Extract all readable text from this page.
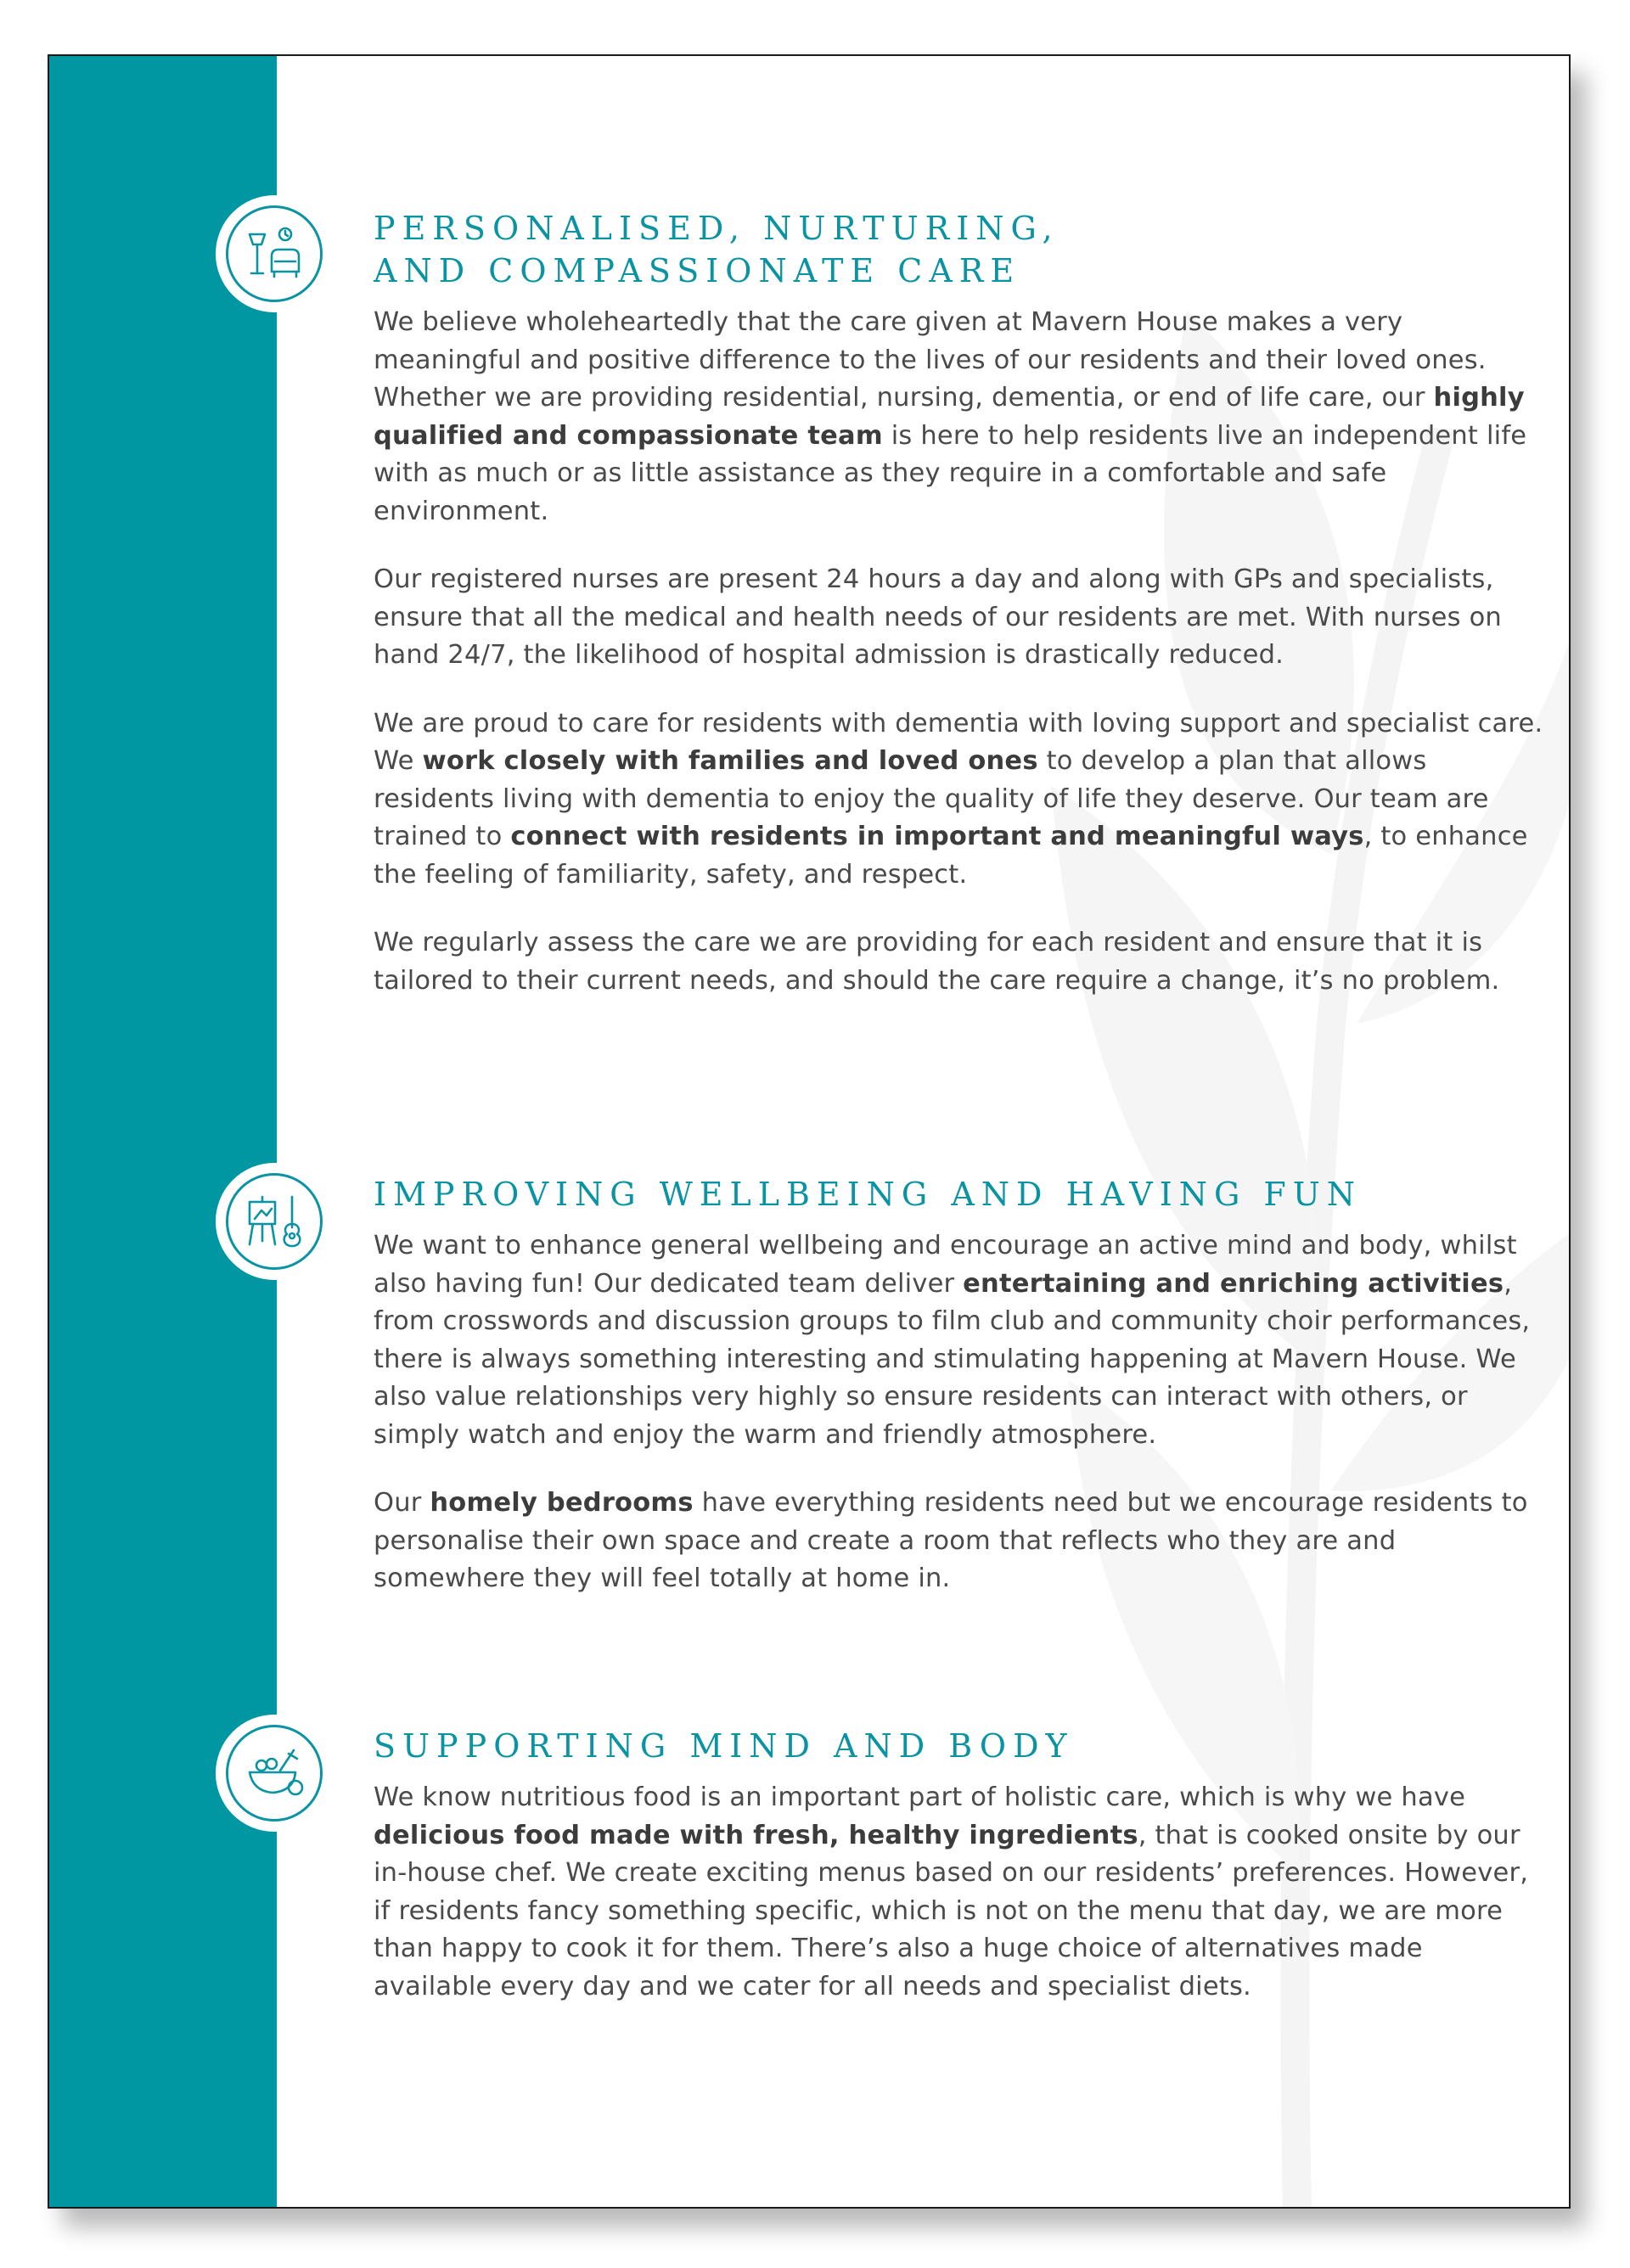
PERSONALISED, NURTURING,
AND COMPASSIONATE CARE

We believe wholeheartedly that the care given at Mavern House makes a very meaningful and positive difference to the lives of our residents and their loved ones. Whether we are providing residential, nursing, dementia, or end of life care, our highly qualified and compassionate team is here to help residents live an independent life with as much or as little assistance as they require in a comfortable and safe environment.

Our registered nurses are present 24 hours a day and along with GPs and specialists, ensure that all the medical and health needs of our residents are met. With nurses on hand 24/7, the likelihood of hospital admission is drastically reduced.

We are proud to care for residents with dementia with loving support and specialist care. We work closely with families and loved ones to develop a plan that allows residents living with dementia to enjoy the quality of life they deserve. Our team are trained to connect with residents in important and meaningful ways, to enhance the feeling of familiarity, safety, and respect.

We regularly assess the care we are providing for each resident and ensure that it is tailored to their current needs, and should the care require a change, it’s no problem.

IMPROVING WELLBEING AND HAVING FUN

We want to enhance general wellbeing and encourage an active mind and body, whilst also having fun! Our dedicated team deliver entertaining and enriching activities, from crosswords and discussion groups to film club and community choir performances, there is always something interesting and stimulating happening at Mavern House. We also value relationships very highly so ensure residents can interact with others, or simply watch and enjoy the warm and friendly atmosphere.

Our homely bedrooms have everything residents need but we encourage residents to personalise their own space and create a room that reflects who they are and somewhere they will feel totally at home in.

SUPPORTING MIND AND BODY

We know nutritious food is an important part of holistic care, which is why we have delicious food made with fresh, healthy ingredients, that is cooked onsite by our in-house chef. We create exciting menus based on our residents’ preferences. However, if residents fancy something specific, which is not on the menu that day, we are more than happy to cook it for them. There’s also a huge choice of alternatives made available every day and we cater for all needs and specialist diets.
